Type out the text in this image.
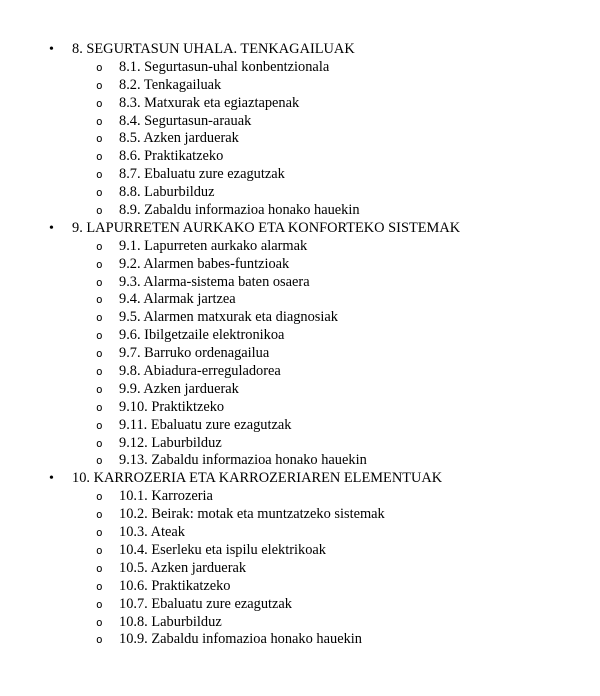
• 8. SEGURTASUN UHALA. TENKAGAILUAK
o 8.1. Segurtasun-uhal konbentzionala
o 8.2. Tenkagailuak
o 8.3. Matxurak eta egiaztapenak
o 8.4. Segurtasun-arauak
o 8.5. Azken jarduerak
o 8.6. Praktikatzeko
o 8.7. Ebaluatu zure ezagutzak
o 8.8. Laburbilduz
o 8.9. Zabaldu informazioa honako hauekin
• 9. LAPURRETEN AURKAKO ETA KONFORTEKO SISTEMAK
o 9.1. Lapurreten aurkako alarmak
o 9.2. Alarmen babes-funtzioak
o 9.3. Alarma-sistema baten osaera
o 9.4. Alarmak jartzea
o 9.5. Alarmen matxurak eta diagnosiak
o 9.6. Ibilgetzaile elektronikoa
o 9.7. Barruko ordenagailua
o 9.8. Abiadura-erreguladorea
o 9.9. Azken jarduerak
o 9.10. Praktiktzeko
o 9.11. Ebaluatu zure ezagutzak
o 9.12. Laburbilduz
o 9.13. Zabaldu informazioa honako hauekin
• 10. KARROZERIA ETA KARROZERIAREN ELEMENTUAK
o 10.1. Karrozeria
o 10.2. Beirak: motak eta muntzatzeko sistemak
o 10.3. Ateak
o 10.4. Eserleku eta ispilu elektrikoak
o 10.5. Azken jarduerak
o 10.6. Praktikatzeko
o 10.7. Ebaluatu zure ezagutzak
o 10.8. Laburbilduz
o 10.9. Zabaldu infomazioa honako hauekin
